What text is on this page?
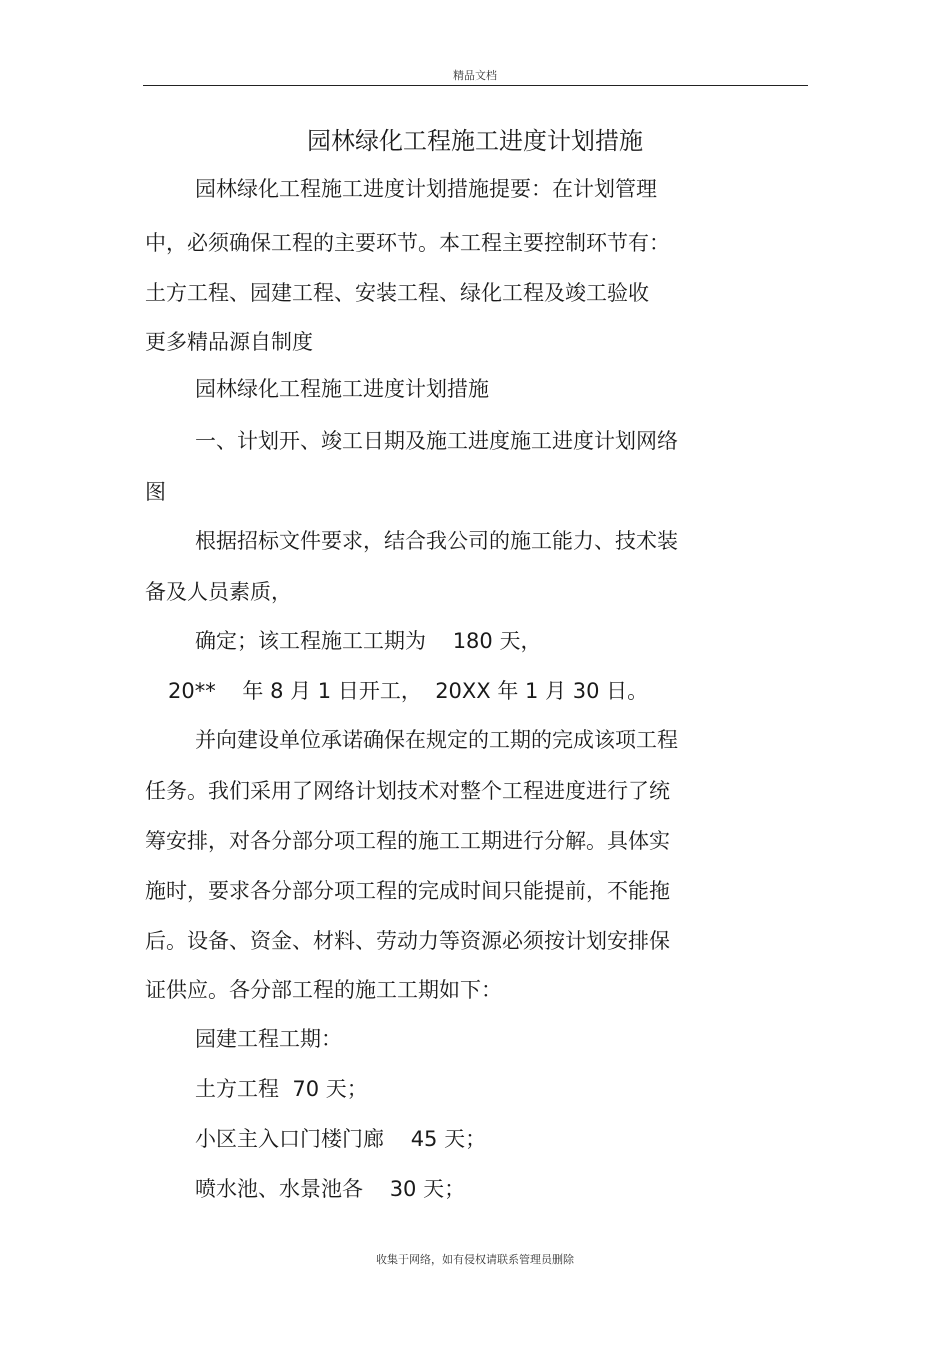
精品文档
园林绿化工程施工进度计划措施
园林绿化工程施工进度计划措施提要：在计划管理
中，必须确保工程的主要环节。本工程主要控制环节有：
土方工程、园建工程、安装工程、绿化工程及竣工验收
更多精品源自制度
园林绿化工程施工进度计划措施
一、计划开、竣工日期及施工进度施工进度计划网络
图
根据招标文件要求，结合我公司的施工能力、技术装
备及人员素质，
确定；该工程施工工期为    180 天，
20**    年 8 月 1 日开工，  20XX 年 1 月 30 日。
并向建设单位承诺确保在规定的工期的完成该项工程
任务。我们采用了网络计划技术对整个工程进度进行了统
筹安排，对各分部分项工程的施工工期进行分解。具体实
施时，要求各分部分项工程的完成时间只能提前，不能拖
后。设备、资金、材料、劳动力等资源必须按计划安排保
证供应。各分部工程的施工工期如下：
园建工程工期：
土方工程  70 天；
小区主入口门楼门廊    45 天；
喷水池、水景池各    30 天；
收集于网络，如有侵权请联系管理员删除
